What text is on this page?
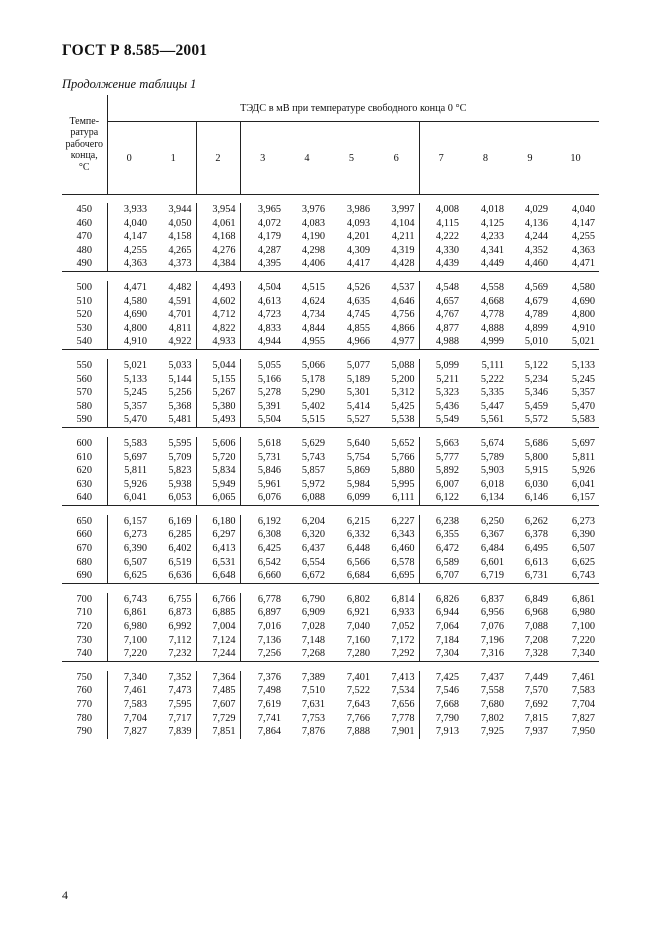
ГОСТ Р 8.585—2001
Продолжение таблицы 1
Темпе-
ратура
рабочего
конца,
°С	ТЭДС в мВ при температуре свободного конца 0 °С										
	0	1	2	3	4	5	6	7	8	9	10

450	3,933	3,944	3,954	3,965	3,976	3,986	3,997	4,008	4,018	4,029	4,040
460	4,040	4,050	4,061	4,072	4,083	4,093	4,104	4,115	4,125	4,136	4,147
470	4,147	4,158	4,168	4,179	4,190	4,201	4,211	4,222	4,233	4,244	4,255
480	4,255	4,265	4,276	4,287	4,298	4,309	4,319	4,330	4,341	4,352	4,363
490	4,363	4,373	4,384	4,395	4,406	4,417	4,428	4,439	4,449	4,460	4,471

500	4,471	4,482	4,493	4,504	4,515	4,526	4,537	4,548	4,558	4,569	4,580
510	4,580	4,591	4,602	4,613	4,624	4,635	4,646	4,657	4,668	4,679	4,690
520	4,690	4,701	4,712	4,723	4,734	4,745	4,756	4,767	4,778	4,789	4,800
530	4,800	4,811	4,822	4,833	4,844	4,855	4,866	4,877	4,888	4,899	4,910
540	4,910	4,922	4,933	4,944	4,955	4,966	4,977	4,988	4,999	5,010	5,021

550	5,021	5,033	5,044	5,055	5,066	5,077	5,088	5,099	5,111	5,122	5,133
560	5,133	5,144	5,155	5,166	5,178	5,189	5,200	5,211	5,222	5,234	5,245
570	5,245	5,256	5,267	5,278	5,290	5,301	5,312	5,323	5,335	5,346	5,357
580	5,357	5,368	5,380	5,391	5,402	5,414	5,425	5,436	5,447	5,459	5,470
590	5,470	5,481	5,493	5,504	5,515	5,527	5,538	5,549	5,561	5,572	5,583

600	5,583	5,595	5,606	5,618	5,629	5,640	5,652	5,663	5,674	5,686	5,697
610	5,697	5,709	5,720	5,731	5,743	5,754	5,766	5,777	5,789	5,800	5,811
620	5,811	5,823	5,834	5,846	5,857	5,869	5,880	5,892	5,903	5,915	5,926
630	5,926	5,938	5,949	5,961	5,972	5,984	5,995	6,007	6,018	6,030	6,041
640	6,041	6,053	6,065	6,076	6,088	6,099	6,111	6,122	6,134	6,146	6,157

650	6,157	6,169	6,180	6,192	6,204	6,215	6,227	6,238	6,250	6,262	6,273
660	6,273	6,285	6,297	6,308	6,320	6,332	6,343	6,355	6,367	6,378	6,390
670	6,390	6,402	6,413	6,425	6,437	6,448	6,460	6,472	6,484	6,495	6,507
680	6,507	6,519	6,531	6,542	6,554	6,566	6,578	6,589	6,601	6,613	6,625
690	6,625	6,636	6,648	6,660	6,672	6,684	6,695	6,707	6,719	6,731	6,743

700	6,743	6,755	6,766	6,778	6,790	6,802	6,814	6,826	6,837	6,849	6,861
710	6,861	6,873	6,885	6,897	6,909	6,921	6,933	6,944	6,956	6,968	6,980
720	6,980	6,992	7,004	7,016	7,028	7,040	7,052	7,064	7,076	7,088	7,100
730	7,100	7,112	7,124	7,136	7,148	7,160	7,172	7,184	7,196	7,208	7,220
740	7,220	7,232	7,244	7,256	7,268	7,280	7,292	7,304	7,316	7,328	7,340

750	7,340	7,352	7,364	7,376	7,389	7,401	7,413	7,425	7,437	7,449	7,461
760	7,461	7,473	7,485	7,498	7,510	7,522	7,534	7,546	7,558	7,570	7,583
770	7,583	7,595	7,607	7,619	7,631	7,643	7,656	7,668	7,680	7,692	7,704
780	7,704	7,717	7,729	7,741	7,753	7,766	7,778	7,790	7,802	7,815	7,827
790	7,827	7,839	7,851	7,864	7,876	7,888	7,901	7,913	7,925	7,937	7,950
4
